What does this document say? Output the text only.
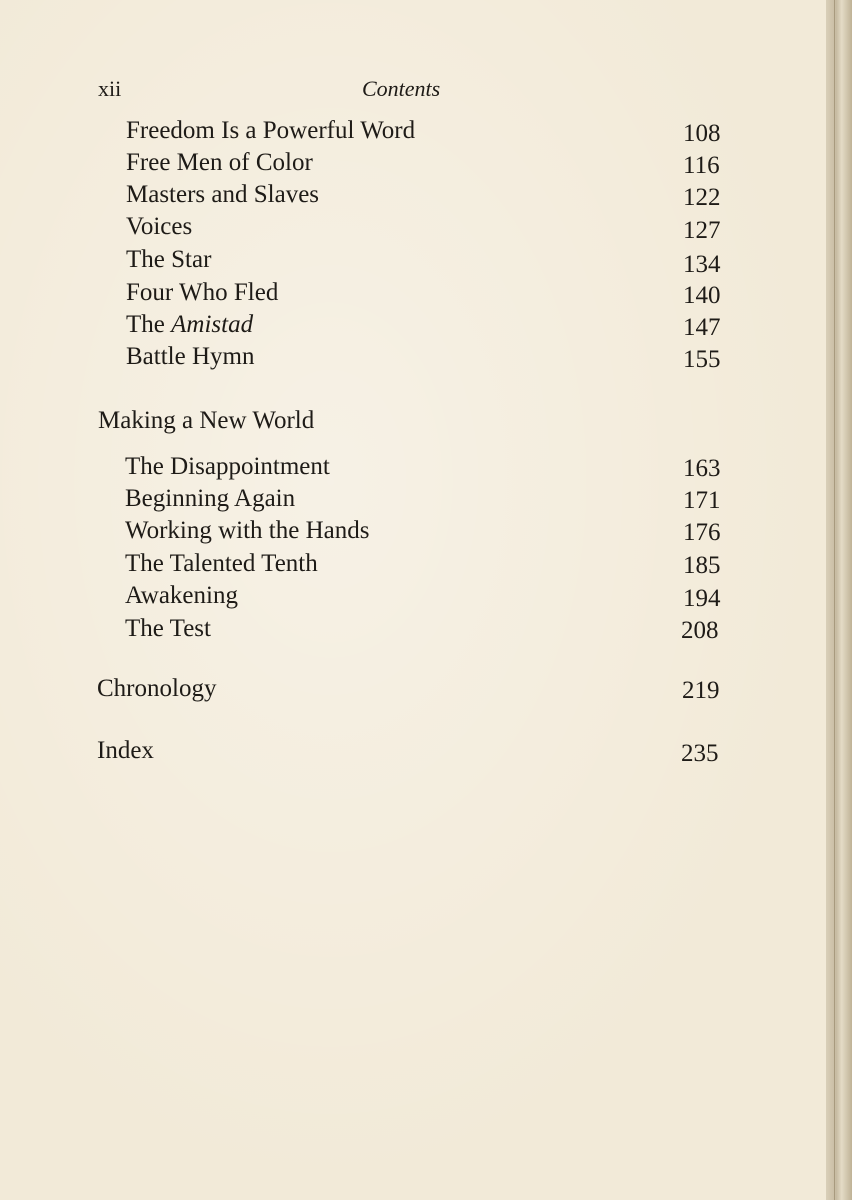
xii	Contents
Freedom Is a Powerful Word	108
Free Men of Color	116
Masters and Slaves	122
Voices	127
The Star	134
Four Who Fled	140
The Amistad	147
Battle Hymn	155
Making a New World
The Disappointment	163
Beginning Again	171
Working with the Hands	176
The Talented Tenth	185
Awakening	194
The Test	208
Chronology	219
Index	235
